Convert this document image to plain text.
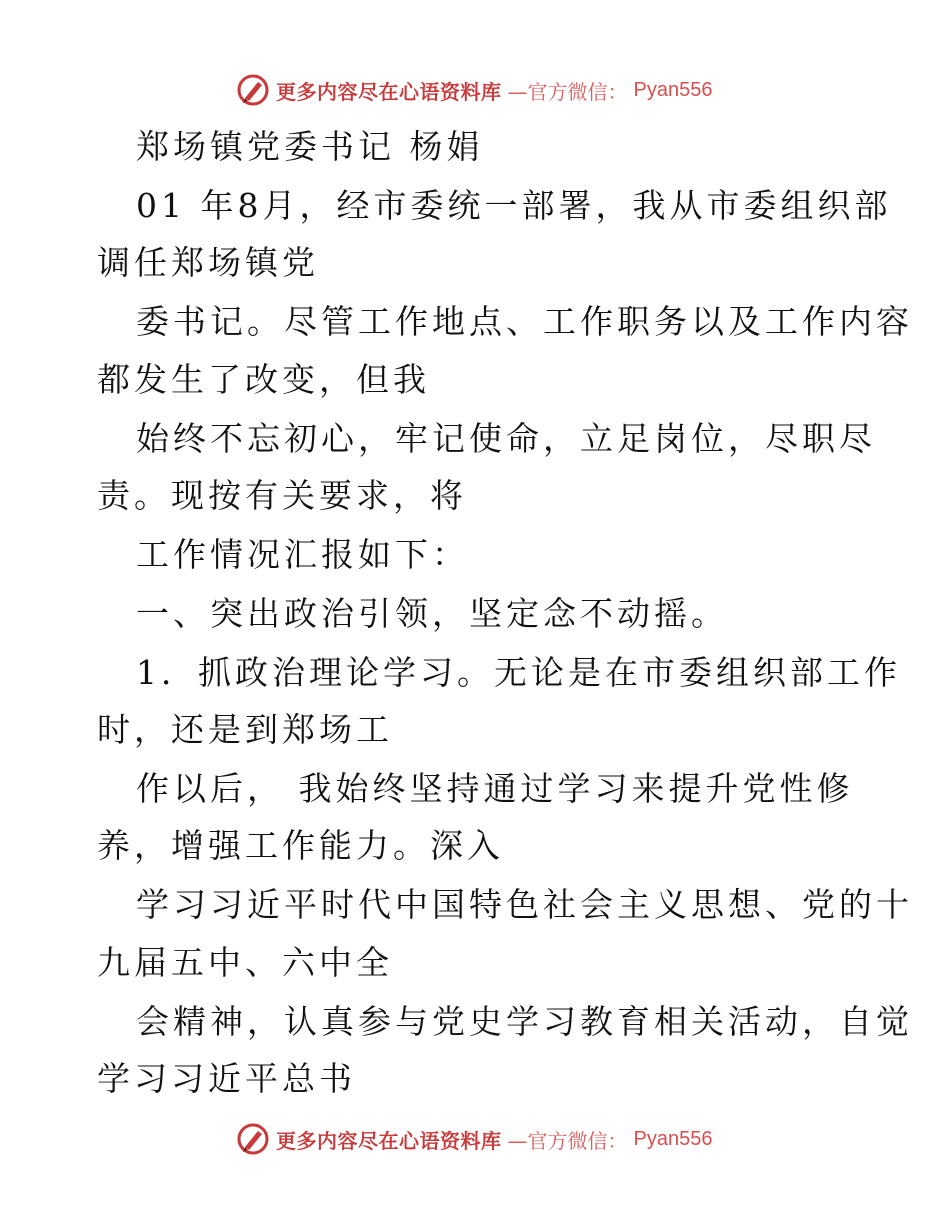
更多内容尽在心语资料库 —官方微信： Pyan556
郑场镇党委书记 杨娟
01 年8月，经市委统一部署，我从市委组织部
调任郑场镇党
委书记。尽管工作地点、工作职务以及工作内容
都发生了改变，但我
始终不忘初心，牢记使命，立足岗位，尽职尽
责。现按有关要求，将
工作情况汇报如下：
一、突出政治引领，坚定念不动摇。
1．抓政治理论学习。无论是在市委组织部工作
时，还是到郑场工
作以后， 我始终坚持通过学习来提升党性修
养，增强工作能力。深入
学习习近平时代中国特色社会主义思想、党的十
九届五中、六中全
会精神，认真参与党史学习教育相关活动，自觉
学习习近平总书
更多内容尽在心语资料库 —官方微信： Pyan556
